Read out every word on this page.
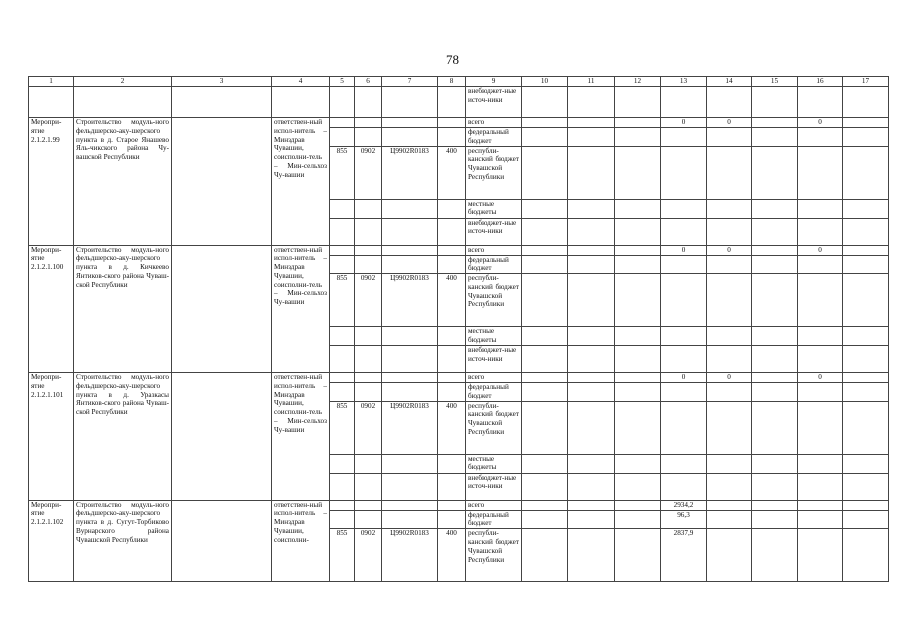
78
1	2	3	4	5	6	7	8	9	10	11	12	13	14	15	16	17
								внебюджет-ные источ-ники								
Меропри-ятие 2.1.2.1.99	Строительство модуль-ного фельдшерско-аку-шерского пункта в д. Старое Янашево Яль-чикского района Чу-вашской Республики		ответствен-ный испол-нитель – Минздрав Чувашии, соисполни-тель – Мин-сельхоз Чу-вашии					всего				0	0		0	
								федеральный бюджет								
				855	0902	Ц9902R0183	400	республи-канский бюджет Чувашской Республики								
								местные бюджеты								
								внебюджет-ные источ-ники								
Меропри-ятие 2.1.2.1.100	Строительство модуль-ного фельдшерско-аку-шерского пункта в д. Кичкеево Янтиков-ского района Чуваш-ской Республики		ответствен-ный испол-нитель – Минздрав Чувашии, соисполни-тель – Мин-сельхоз Чу-вашии					всего				0	0		0	
								федеральный бюджет								
				855	0902	Ц9902R0183	400	республи-канский бюджет Чувашской Республики								
								местные бюджеты								
								внебюджет-ные источ-ники								
Меропри-ятие 2.1.2.1.101	Строительство модуль-ного фельдшерско-аку-шерского пункта в д. Уразкасы Янтиков-ского района Чуваш-ской Республики		ответствен-ный испол-нитель – Минздрав Чувашии, соисполни-тель – Мин-сельхоз Чу-вашии					всего				0	0		0	
								федеральный бюджет								
				855	0902	Ц9902R0183	400	республи-канский бюджет Чувашской Республики								
								местные бюджеты								
								внебюджет-ные источ-ники								
Меропри-ятие 2.1.2.1.102	Строительство модуль-ного фельдшерско-аку-шерского пункта в д. Сугут-Торбиково Вурнарского района Чувашской Республики		ответствен-ный испол-нитель – Минздрав Чувашии, соисполни-					всего				2934,2				
								федеральный бюджет				96,3				
				855	0902	Ц9902R0183	400	республи-канский бюджет Чувашской Республики				2837,9				
